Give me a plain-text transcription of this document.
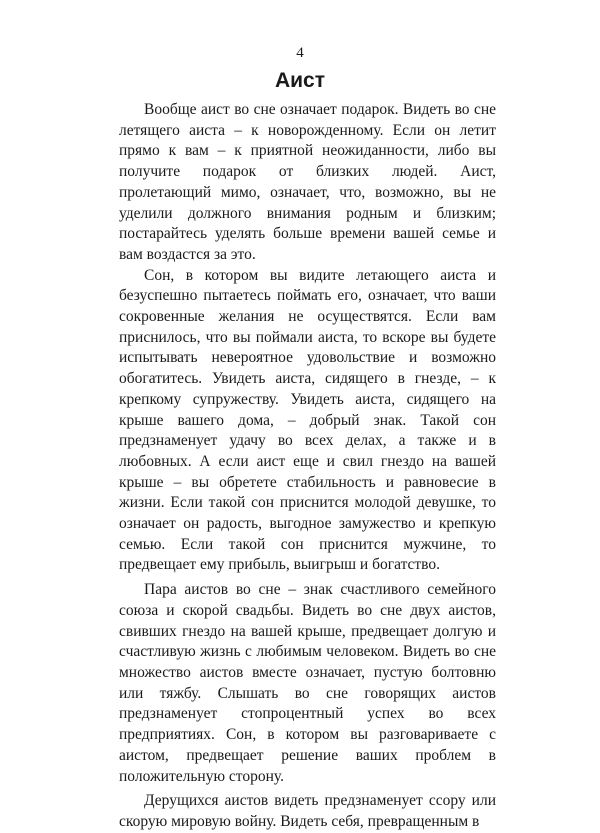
4
Аист

Вообще аист во сне означает подарок. Видеть во сне летящего аиста – к новорожденному. Если он летит прямо к вам – к приятной неожиданности, либо вы получите подарок от близких людей. Аист, пролетающий мимо, означает, что, возможно, вы не уделили должного внимания родным и близким; постарайтесь уделять больше времени вашей семье и вам воздастся за это.

Сон, в котором вы видите летающего аиста и безуспешно пытаетесь поймать его, означает, что ваши сокровенные желания не осуществятся. Если вам приснилось, что вы поймали аиста, то вскоре вы будете испытывать невероятное удовольствие и возможно обогатитесь. Увидеть аиста, сидящего в гнезде, – к крепкому супружеству. Увидеть аиста, сидящего на крыше вашего дома, – добрый знак. Такой сон предзнаменует удачу во всех делах, а также и в любовных. А если аист еще и свил гнездо на вашей крыше – вы обретете стабильность и равновесие в жизни. Если такой сон приснится молодой девушке, то означает он радость, выгодное замужество и крепкую семью. Если такой сон приснится мужчине, то предвещает ему прибыль, выигрыш и богатство.

Пара аистов во сне – знак счастливого семейного союза и скорой свадьбы. Видеть во сне двух аистов, свивших гнездо на вашей крыше, предвещает долгую и счастливую жизнь с любимым человеком. Видеть во сне множество аистов вместе означает, пустую болтовню или тяжбу. Слышать во сне говорящих аистов предзнаменует стопроцентный успех во всех предприятиях. Сон, в котором вы разговариваете с аистом, предвещает решение ваших проблем в положительную сторону.

Дерущихся аистов видеть предзнаменует ссору или скорую мировую войну. Видеть себя, превращенным в
